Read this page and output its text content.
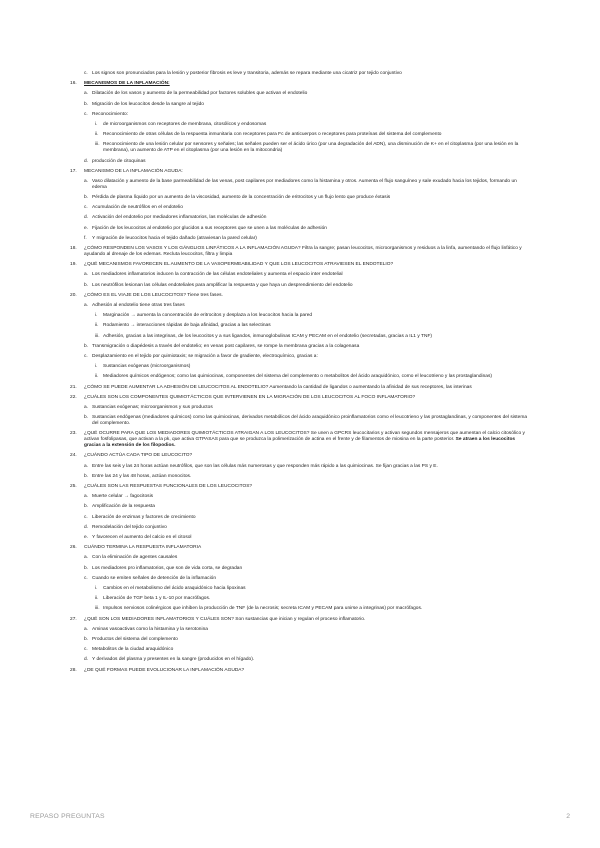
c. Los signos son pronunciados para la lesión y posterior fibrosis es leve y transitoria, además se repara mediante una cicatriz por tejido conjuntivo
16. MECANISMOS DE LA INFLAMACIÓN:
a. Dilatación de los vasos y aumento de la permeabilidad por factores solubles que activan el endotelio
b. Migración de los leucocitos desde la sangre al tejido
c. Reconocimiento:
i. de microorganismos con receptores de membrana, citosólicos y endosomas
ii. Reconocimiento de otras células de la respuesta inmunitaria con receptores para Fc de anticuerpos o receptores para proteínas del sistema del complemento
iii. Reconocimiento de una lesión celular por sensores y señales; las señales pueden ser el ácido úrico (por una degradación del ADN), una disminución de K+ en el citoplasma (por una lesión en la membrana), un aumento de ATP en el citoplasma (por una lesión en la mitocondria)
d. producción de citoquinas
17. MECANISMO DE LA INFLAMACIÓN AGUDA:
a. Vaso dilatación y aumento de la base parmeabilidad de las venas, post capilares por mediadores como la histamina y otros. Aumenta el flujo sanguíneo y sale exudado hacia los tejidos, formando un edema
b. Pérdida de plasma líquido por un aumento de la viscosidad, aumento de la concentración de eritrocitos y un flujo lento que produce éxtasis
c. Acumulación de neutrófilos en el endotelio
d. Activación del endotelio por mediadores inflamatorios, las moléculas de adhesión
e. Fijación de los leucocitos al endotelio por glucidos a sus receptores que se unen a las moléculas de adhesión
f. Y migración de leucocitos hacia el tejido dañado (atraviesan la pared celular)
18. ¿CÓMO RESPONDEN LOS VASOS Y LOS GÁNGLIOS LINFÁTICOS A LA INFLAMACIÓN AGUDA? Filtra la sangre; pasan leucocitos, microorganismos y residuos a la linfa, aumentando el flujo linfático y ayudando al drenaje de los edemas. Recluta leucocitos, filtra y limpia
19. ¿QUÉ MECANISMOS FAVORECEN EL AUMENTO DE LA VASOPERMEABILIDAD Y QUE LOS LEUCOCITOS ATRAVIESEN EL ENDOTELIO?
a. Los mediadores inflamatorios inducen la contracción de las células endoteliales y aumenta el espacio inter endotelial
b. Los neutrófilos lesionan las células endoteliales para amplificar la respuesta y que haya un desprendimiento del endotelio
20. ¿CÓMO ES EL VIAJE DE LOS LEUCOCITOS? Tiene tres fases.
a. Adhesión al endotelio tiene otras tres fases
i. Marginación → aumenta la concentración de eritrocitos y desplaza a los leucocitos hacia la pared
ii. Rodamiento → interacciones rápidas de baja afinidad, gracias a las selectinas
iii. Adhesión, gracias a las integrinas, de los leucocitos y a sus ligandos, inmunoglobulinas ICAM y PECAM en el endotelio (secretadas, gracias a IL1 y TNF)
b. Transmigración o diapédesis a través del endotelio; en venas post capilares, se rompe la membrana gracias a la colagenasa
c. Desplazamiento en el tejido por quimiotaxis; se migración a favor de gradiente, electroquímico, gracias a:
i. Sustancias exógenas (microorganismos)
ii. Mediadores químicos endógenos; como las quimiocinas, componentes del sistema del complemento o metabolitos del ácido araquidónico, como el leucotrieno y las prostaglandinas)
21. ¿CÓMO SE PUEDE AUMENTAR LA ADHESIÓN DE LEUCOCITOS AL ENDOTELIO? Aumentando la cantidad de ligandos o aumentando la afinidad de sus receptores, las interinas
22. ¿CUÁLES SON LOS COMPONENTES QUIMIOTÁCTICOS QUE INTERVIENEN EN LA MIGRACIÓN DE LOS LEUCOCITOS AL FOCO INFLAMATORIO?
a. Sustancias exógenas; microorganismos y sus productos
b. Sustancias endógenas (mediadores químicos) como las quimiocinas, derivados metabólicos del ácido araquidónico proinflamatorios como el leucotrieno y las prostaglandinas, y componentes del sistema del complemento.
23. ¿QUÉ OCURRE PARA QUE LOS MEDIADORES QUIMIOTÁCTICOS ATRAIGAN A LOS LEUCOCITOS? Se unen a GPCRS leucocitarios y activan segundos mensajeros que aumentan el calcio citosólico y activan fosfolipasas, que activan a la pk, que activa GTPASAS para que se produzca la polimerización de actina en el frente y de filamentos de miosina en la parte posterior. Se atraen a los leucocitos gracias a la extensión de los filopodios.
24. ¿CUÁNDO ACTÚA CADA TIPO DE LEUCOCITO?
a. Entre las seis y las 24 horas actúan neutrófilos, que son las células más numerosas y que responden más rápido a las quimiocinas. Se fijan gracias a las PS y E.
b. Entre las 24 y las 48 horas, actúan monocitos.
25. ¿CUÁLES SON LAS RESPUESTAS FUNCIONALES DE LOS LEUCOCITOS?
a. Muerte celular → fagocitosis
b. Amplificación de la respuesta
c. Liberación de enzimas y factores de crecimiento
d. Remodelación del tejido conjuntivo
e. Y favorecen el aumento del calcio en el citosol
26. CUÁNDO TERMINA LA RESPUESTA INFLAMATORIA
a. Con la eliminación de agentes causales
b. Los mediadores pro inflamatorios, que son de vida corta, se degradan
c. Cuando se emiten señales de detención de la inflamación
i. Cambios en el metabolismo del ácido araquidónico hacia lipoxinas
ii. Liberación de TGF beta 1 y IL-10 por macrófagos.
iii. Impulsos nerviosos colinérgicos que inhiben la producción de TNF (de la necrosis; secreta ICAM y PECAM para unirse a integrinas) por macrófagos.
27. ¿QUÉ SON LOS MEDIADORES INFLAMATORIOS Y CUÁLES SON? Son sustancias que inician y regulan el proceso inflamatorio.
a. Aminas vasoactivas como la histamina y la serotonina
b. Productos del sistema del complemento
c. Metabolitos de la ciudad araquidónico
d. Y derivados del plasma y presentes en la sangre (producidos en el hígado).
28. ¿DE QUÉ FORMAS PUEDE EVOLUCIONAR LA INFLAMACIÓN AGUDA?
REPASO PREGUNTAS	2
